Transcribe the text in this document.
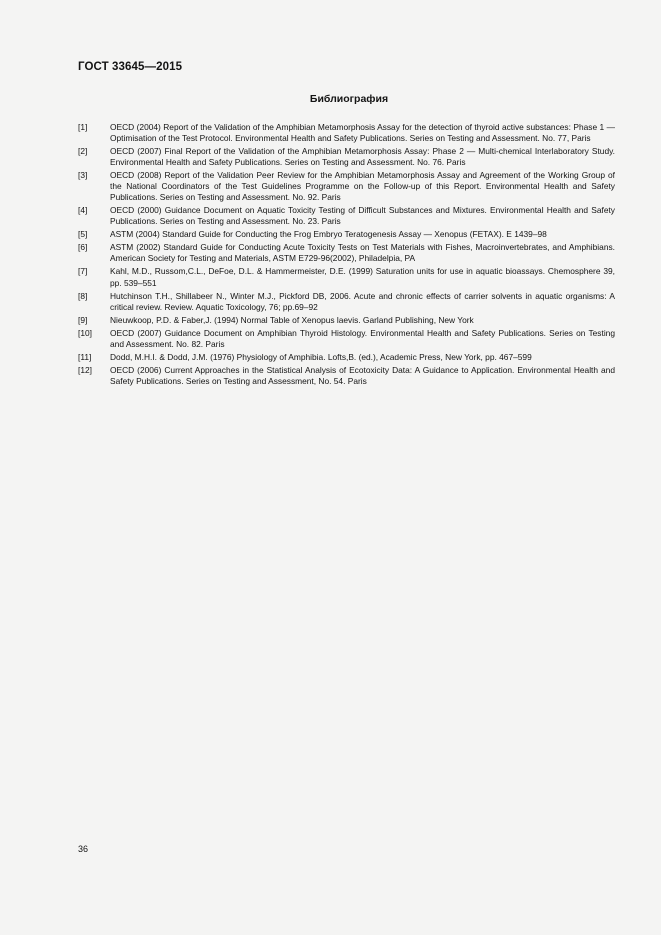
ГОСТ 33645—2015
Библиография
[1]	OECD (2004) Report of the Validation of the Amphibian Metamorphosis Assay for the detection of thyroid active substances: Phase 1 — Optimisation of the Test Protocol. Environmental Health and Safety Publications. Series on Testing and Assessment. No. 77, Paris
[2]	OECD (2007) Final Report of the Validation of the Amphibian Metamorphosis Assay: Phase 2 — Multi-chemical Interlaboratory Study. Environmental Health and Safety Publications. Series on Testing and Assessment. No. 76. Paris
[3]	OECD (2008) Report of the Validation Peer Review for the Amphibian Metamorphosis Assay and Agreement of the Working Group of the National Coordinators of the Test Guidelines Programme on the Follow-up of this Report. Environmental Health and Safety Publications. Series on Testing and Assessment. No. 92. Paris
[4]	OECD (2000) Guidance Document on Aquatic Toxicity Testing of Difficult Substances and Mixtures. Environmental Health and Safety Publications. Series on Testing and Assessment. No. 23. Paris
[5]	ASTM (2004) Standard Guide for Conducting the Frog Embryo Teratogenesis Assay — Xenopus (FETAX). E 1439–98
[6]	ASTM (2002) Standard Guide for Conducting Acute Toxicity Tests on Test Materials with Fishes, Macroinvertebrates, and Amphibians. American Society for Testing and Materials, ASTM E729-96(2002), Philadelpia, PA
[7]	Kahl, M.D., Russom,C.L., DeFoe, D.L. & Hammermeister, D.E. (1999) Saturation units for use in aquatic bioassays. Chemosphere 39, pp. 539–551
[8]	Hutchinson T.H., Shillabeer N., Winter M.J., Pickford DB, 2006. Acute and chronic effects of carrier solvents in aquatic organisms: A critical review. Review. Aquatic Toxicology, 76; pp.69–92
[9]	Nieuwkoop, P.D. & Faber,J. (1994) Normal Table of Xenopus laevis. Garland Publishing, New York
[10]	OECD (2007) Guidance Document on Amphibian Thyroid Histology. Environmental Health and Safety Publications. Series on Testing and Assessment. No. 82. Paris
[11]	Dodd, M.H.I. & Dodd, J.M. (1976) Physiology of Amphibia. Lofts,B. (ed.), Academic Press, New York, pp. 467–599
[12]	OECD (2006) Current Approaches in the Statistical Analysis of Ecotoxicity Data: A Guidance to Application. Environmental Health and Safety Publications. Series on Testing and Assessment, No. 54. Paris
36
